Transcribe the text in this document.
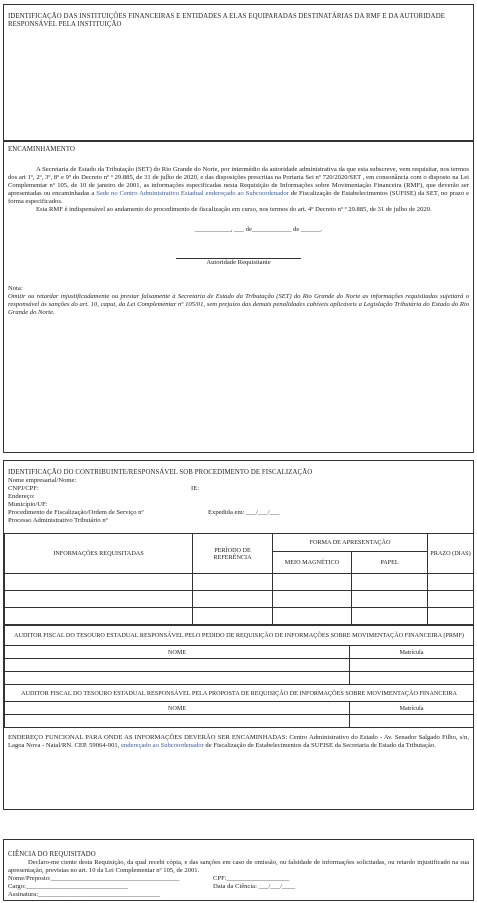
IDENTIFICAÇÃO DAS INSTITUIÇÕES FINANCEIRAS E ENTIDADES A ELAS EQUIPARADAS DESTINATÁRIAS DA RMF E DA AUTORIDADE RESPONSÁVEL PELA INSTITUIÇÃO
ENCAMINHAMENTO
A Secretaria de Estado da Tributação (SET) do Rio Grande do Norte, por intermédio da autoridade administrativa da que esta subscreve, vem requisitar, nos termos dos art 1º, 2º, 3º, 8º e 9º do Decreto nº º 29.885, de 31 de julho de 2020, e das disposições prescritas na Portaria Sei nº 720/2020/SET , em consonância com o disposto na Lei Complementar nº 105, de 10 de janeiro de 2001, as informações especificadas nesta Requisição de Informações sobre Movimentação Financeira (RMF), que deverão ser apresentadas ou encaminhadas a Sede no Centro Administrativo Estadual endereçado ao Subcoordenador de Fiscalização de Estabelecimentos (SUFISE) da SET, no prazo e forma especificados.
Esta RMF é indispensável ao andamento do procedimento de fiscalização em curso, nos termos do art. 4º Decreto nº º 29.885, de 31 de julho de 2020.
___________, ___ de____________ de ______.
Autoridade Requisitante
Nota:
Omitir ou retardar injustificadamente ou prestar falsamente à Secretaria de Estado da Tributação (SET) do Rio Grande do Norte as informações requisitadas sujeitará o responsável às sanções do art. 10, caput, da Lei Complementar nº 105/01, sem prejuízo das demais penalidades cabíveis aplicáveis a Legislação Tributária do Estado do Rio Grande do Norte.
IDENTIFICAÇÃO DO CONTRIBUINTE/RESPONSÁVEL SOB PROCEDIMENTO DE FISCALIZAÇÃO
Nome empresarial/Nome:
CNPJ/CPF:	IE:
Endereço:
Município/UF:
Procedimento de Fiscalização/Ordem de Serviço nº	Expedida em: ___/___/___
Processo Administrativo Tributário nº
INFORMAÇÕES REQUISITADAS	PERÍODO DE REFERÊNCIA	FORMA DE APRESENTAÇÃO		PRAZO (DIAS)
		MEIO MAGNÉTICO	PAPEL	

AUDITOR FISCAL DO TESOURO ESTADUAL RESPONSÁVEL PELO PEDIDO DE REQUISIÇÃO DE INFORMAÇÕES SOBRE MOVIMENTAÇÃO FINANCEIRA (PRMF)	
NOME	Matrícula

AUDITOR FISCAL DO TESOURO ESTADUAL RESPONSÁVEL PELA PROPOSTA DE REQUISIÇÃO DE INFORMAÇÕES SOBRE MOVIMENTAÇÃO FINANCEIRA	
NOME	Matrícula

ENDEREÇO FUNCIONAL PARA ONDE AS INFORMAÇÕES DEVERÃO SER ENCAMINHADAS: Centro Administrativo do Estado - Av. Senador Salgado Filho, s/n, Lagoa Nova - Natal/RN. CEP. 59064-901, endereçado ao Subcoordenador de Fiscalização de Estabelecimentos da SUFISE da Secretaria de Estado da Tributação.
CIÊNCIA DO REQUISITADO
Declaro-me ciente desta Requisição, da qual recebi cópia, e das sanções em caso de omissão, ou falsidade de informações solicitadas, ou retardo injustificado na sua apresentação, previstas no art. 10 da Lei Complementar nº 105, de 2001.
Nome/Preposto:_______________________________________	CPF:___________________
Cargo:_______________________________	Data da Ciência: ___/___/____
Assinatura:_____________________________________
